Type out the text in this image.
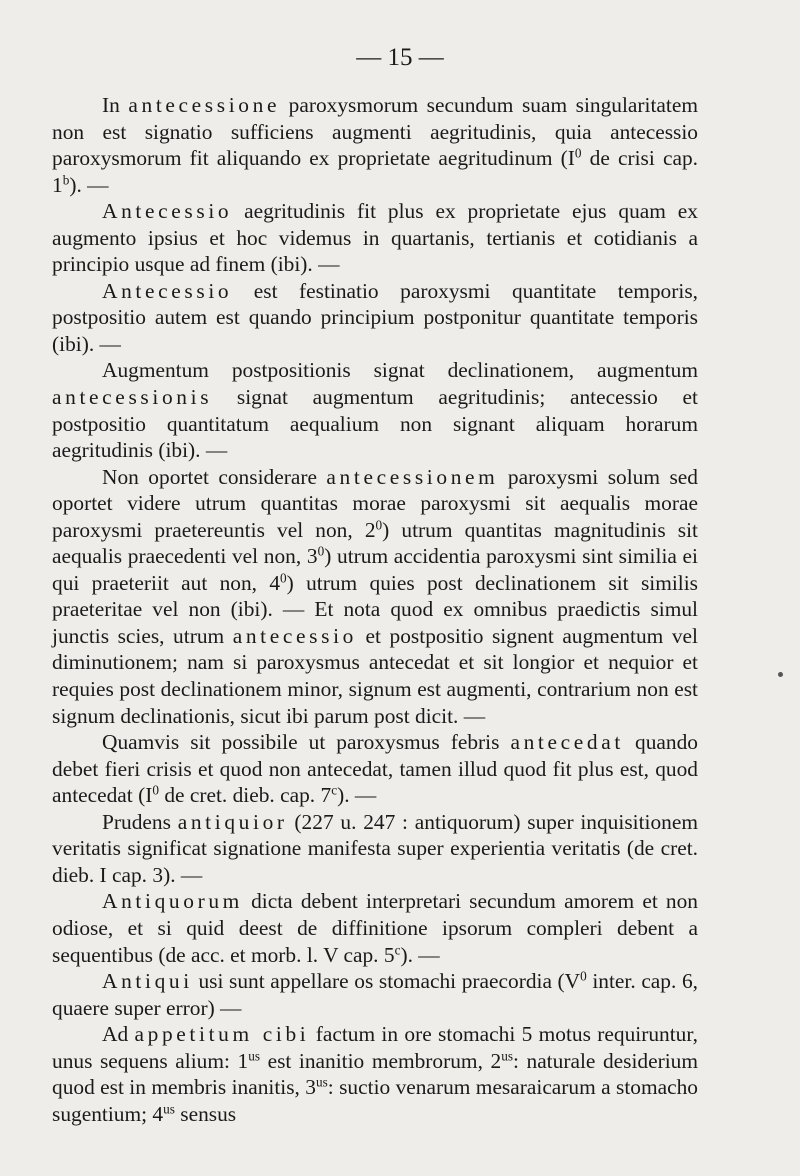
— 15 —

In antecessione paroxysmorum secundum suam singularitatem non est signatio sufficiens augmenti aegritudinis, quia antecessio paroxysmorum fit aliquando ex proprietate aegritudinum ($I^0$ de crisi cap. 1$^b$). —

Antecessio aegritudinis fit plus ex proprietate ejus quam ex augmento ipsius et hoc videmus in quartanis, tertianis et cotidianis a principio usque ad finem (ibi). —

Antecessio est festinatio paroxysmi quantitate temporis, postpositio autem est quando principium postponitur quantitate temporis (ibi). —

Augmentum postpositionis signat declinationem, augmentum antecessionis signat augmentum aegritudinis; antecessio et postpositio quantitatum aequalium non signant aliquam horarum aegritudinis (ibi). —

Non oportet considerare antecessionem paroxysmi solum sed oportet videre utrum quantitas morae paroxysmi sit aequalis morae paroxysmi praetereuntis vel non, $2^0$) utrum quantitas magnitudinis sit aequalis praecedenti vel non, $3^0$) utrum accidentia paroxysmi sint similia ei qui praeteriit aut non, $4^0$) utrum quies post declinationem sit similis praeteritae vel non (ibi). — Et nota quod ex omnibus praedictis simul junctis scies, utrum antecessio et postpositio signent augmentum vel diminutionem; nam si paroxysmus antecedat et sit longior et nequior et requies post declinationem minor, signum est augmenti, contrarium non est signum declinationis, sicut ibi parum post dicit. —

Quamvis sit possibile ut paroxysmus febris antecedat quando debet fieri crisis et quod non antecedat, tamen illud quod fit plus est, quod antecedat ($I^0$ de cret. dieb. cap. 7$^c$). —

Prudens antiquior (227 u. 247 : antiquorum) super inquisitionem veritatis significat signatione manifesta super experientia veritatis (de cret. dieb. I cap. 3). —

Antiquorum dicta debent interpretari secundum amorem et non odiose, et si quid deest de diffinitione ipsorum compleri debent a sequentibus (de acc. et morb. l. V cap. 5$^c$). —

Antiqui usi sunt appellare os stomachi praecordia ($V^0$ inter. cap. 6, quaere super error) —

Ad appetitum cibi factum in ore stomachi 5 motus requiruntur, unus sequens alium: $1^{us}$ est inanitio membrorum, $2^{us}$: naturale desiderium quod est in membris inanitis, $3^{us}$: suctio venarum mesaraicarum a stomacho sugentium; $4^{us}$ sensus
